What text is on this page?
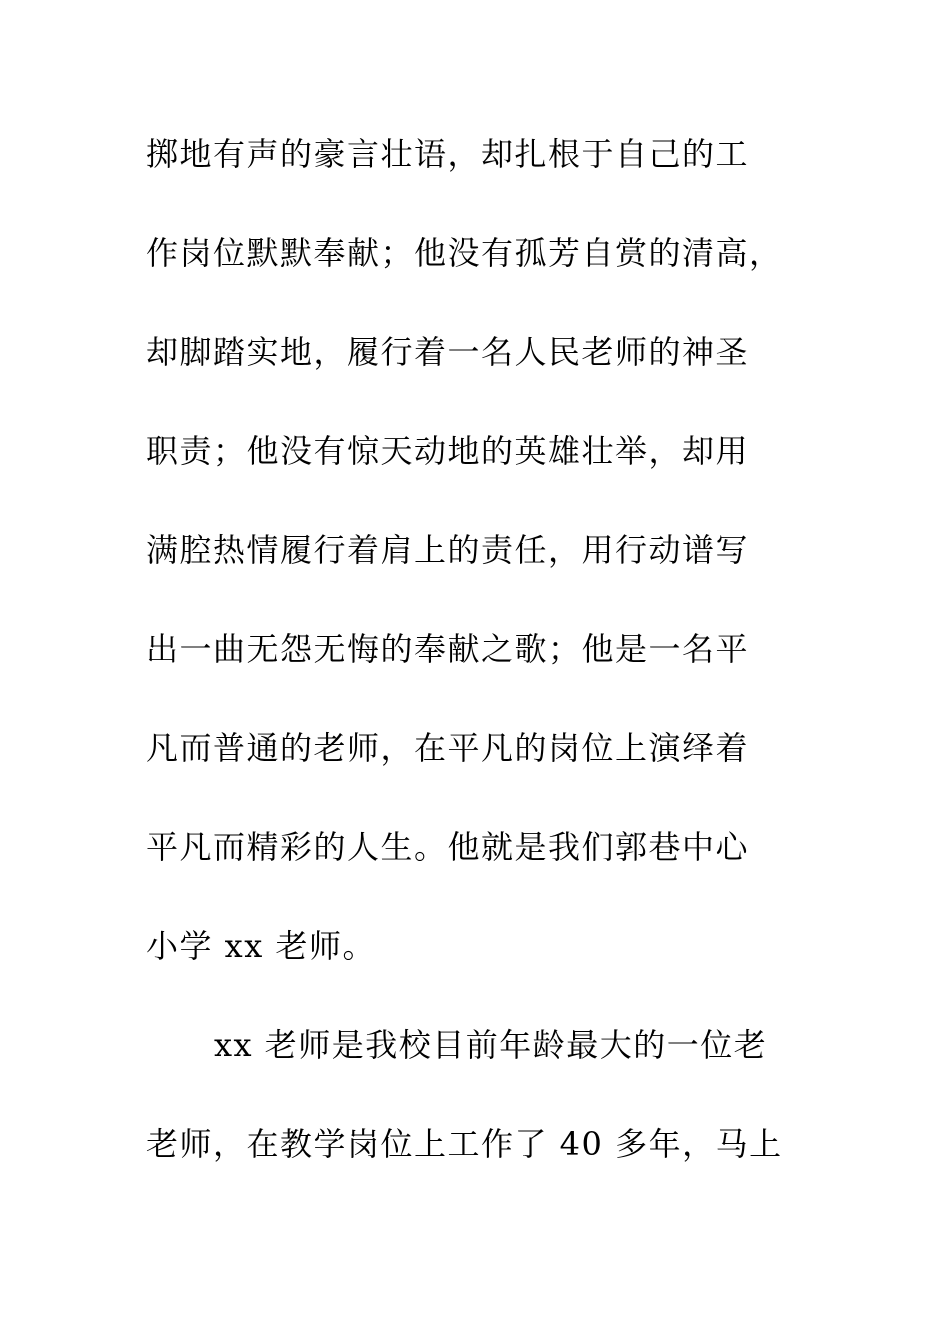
掷地有声的豪言壮语，却扎根于自己的工
作岗位默默奉献；他没有孤芳自赏的清高，
却脚踏实地，履行着一名人民老师的神圣
职责；他没有惊天动地的英雄壮举，却用
满腔热情履行着肩上的责任，用行动谱写
出一曲无怨无悔的奉献之歌；他是一名平
凡而普通的老师，在平凡的岗位上演绎着
平凡而精彩的人生。他就是我们郭巷中心
小学 xx 老师。
xx 老师是我校目前年龄最大的一位老
老师，在教学岗位上工作了 40 多年，马上
